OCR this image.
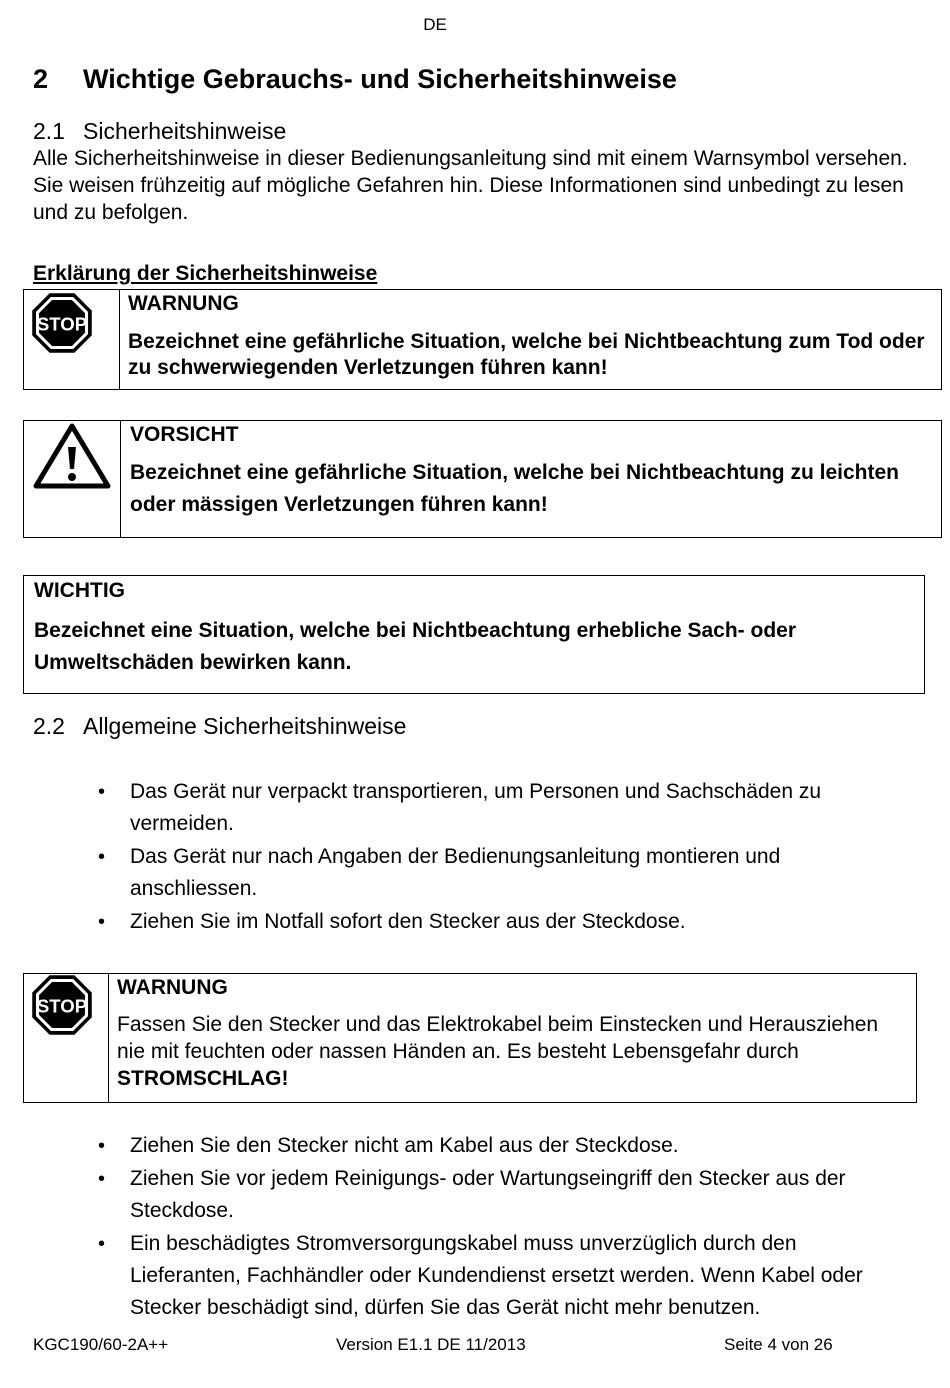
DE
2 Wichtige Gebrauchs- und Sicherheitshinweise
2.1 Sicherheitshinweise
Alle Sicherheitshinweise in dieser Bedienungsanleitung sind mit einem Warnsymbol versehen. Sie weisen frühzeitig auf mögliche Gefahren hin. Diese Informationen sind unbedingt zu lesen und zu befolgen.
Erklärung der Sicherheitshinweise
STOP
WARNUNG
Bezeichnet eine gefährliche Situation, welche bei Nichtbeachtung zum Tod oder zu schwerwiegenden Verletzungen führen kann!
VORSICHT
Bezeichnet eine gefährliche Situation, welche bei Nichtbeachtung zu leichten oder mässigen Verletzungen führen kann!
WICHTIG
Bezeichnet eine Situation, welche bei Nichtbeachtung erhebliche Sach- oder Umweltschäden bewirken kann.
2.2 Allgemeine Sicherheitshinweise
• Das Gerät nur verpackt transportieren, um Personen und Sachschäden zu vermeiden.
• Das Gerät nur nach Angaben der Bedienungsanleitung montieren und anschliessen.
• Ziehen Sie im Notfall sofort den Stecker aus der Steckdose.
STOP
WARNUNG
Fassen Sie den Stecker und das Elektrokabel beim Einstecken und Herausziehen nie mit feuchten oder nassen Händen an. Es besteht Lebensgefahr durch STROMSCHLAG!
• Ziehen Sie den Stecker nicht am Kabel aus der Steckdose.
• Ziehen Sie vor jedem Reinigungs- oder Wartungseingriff den Stecker aus der Steckdose.
• Ein beschädigtes Stromversorgungskabel muss unverzüglich durch den Lieferanten, Fachhändler oder Kundendienst ersetzt werden. Wenn Kabel oder Stecker beschädigt sind, dürfen Sie das Gerät nicht mehr benutzen.
KGC190/60-2A++	Version E1.1 DE 11/2013	Seite 4 von 26
